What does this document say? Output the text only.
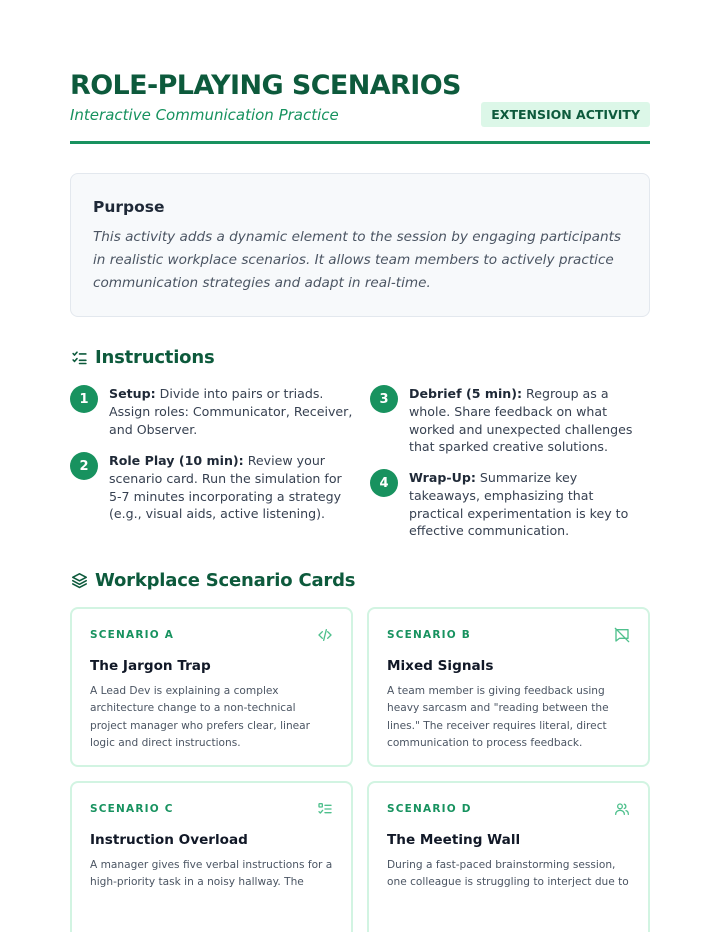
ROLE-PLAYING SCENARIOS
Interactive Communication Practice	EXTENSION ACTIVITY
Purpose

This activity adds a dynamic element to the session by engaging participants in realistic workplace scenarios. It allows team members to actively practice communication strategies and adapt in real-time.

Instructions
1	Setup: Divide into pairs or triads. Assign roles: Communicator, Receiver, and Observer.
2	Role Play (10 min): Review your scenario card. Run the simulation for 5-7 minutes incorporating a strategy (e.g., visual aids, active listening).
3	Debrief (5 min): Regroup as a whole. Share feedback on what worked and unexpected challenges that sparked creative solutions.
4	Wrap-Up: Summarize key takeaways, emphasizing that practical experimentation is key to effective communication.
Workplace Scenario Cards
SCENARIO A
The Jargon Trap

A Lead Dev is explaining a complex architecture change to a non-technical project manager who prefers clear, linear logic and direct instructions.

SCENARIO B
Mixed Signals

A team member is giving feedback using heavy sarcasm and "reading between the lines." The receiver requires literal, direct communication to process feedback.

SCENARIO C
Instruction Overload

A manager gives five verbal instructions for a high-priority task in a noisy hallway. The

SCENARIO D
The Meeting Wall

During a fast-paced brainstorming session, one colleague is struggling to interject due to
